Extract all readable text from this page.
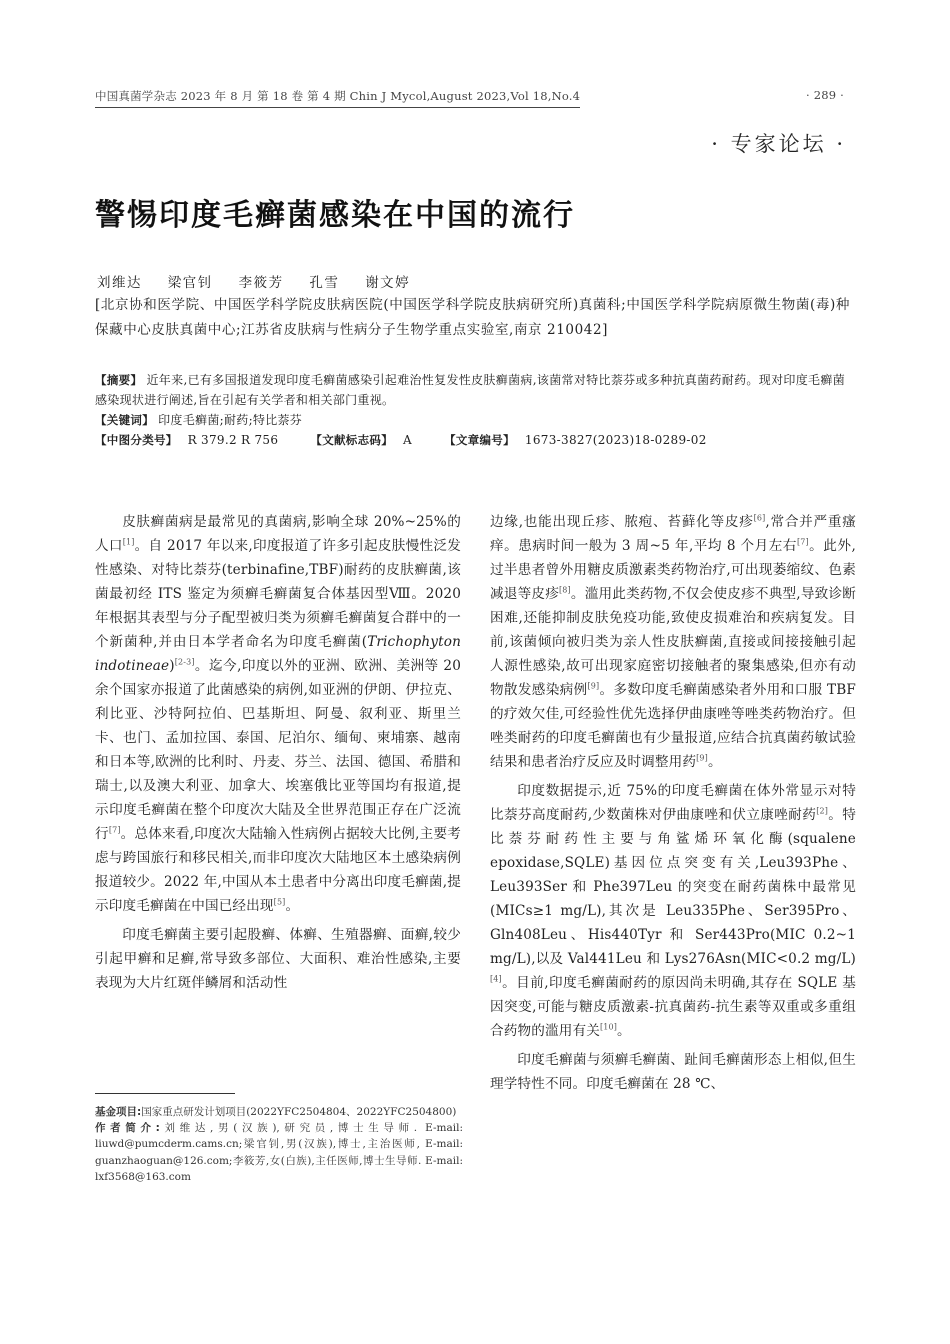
中国真菌学杂志 2023 年 8 月 第 18 卷 第 4 期 Chin J Mycol,August 2023,Vol 18,No.4	· 289 ·
· 专家论坛 ·
警惕印度毛癣菌感染在中国的流行
刘维达 梁官钊 李筱芳 孔雪 谢文婷
[北京协和医学院、中国医学科学院皮肤病医院(中国医学科学院皮肤病研究所)真菌科;中国医学科学院病原微生物菌(毒)种保藏中心皮肤真菌中心;江苏省皮肤病与性病分子生物学重点实验室,南京 210042]

【摘要】 近年来,已有多国报道发现印度毛癣菌感染引起难治性复发性皮肤癣菌病,该菌常对特比萘芬或多种抗真菌药耐药。现对印度毛癣菌感染现状进行阐述,旨在引起有关学者和相关部门重视。

【关键词】 印度毛癣菌;耐药;特比萘芬

【中图分类号】 R 379.2 R 756	【文献标志码】 A	【文章编号】 1673-3827(2023)18-0289-02

皮肤癣菌病是最常见的真菌病,影响全球 20%~25%的人口[1]。自 2017 年以来,印度报道了许多引起皮肤慢性泛发性感染、对特比萘芬(terbinafine,TBF)耐药的皮肤癣菌,该菌最初经 ITS 鉴定为须癣毛癣菌复合体基因型Ⅷ。2020 年根据其表型与分子配型被归类为须癣毛癣菌复合群中的一个新菌种,并由日本学者命名为印度毛癣菌(Trichophyton indotineae)[2-3]。迄今,印度以外的亚洲、欧洲、美洲等 20 余个国家亦报道了此菌感染的病例,如亚洲的伊朗、伊拉克、利比亚、沙特阿拉伯、巴基斯坦、阿曼、叙利亚、斯里兰卡、也门、孟加拉国、泰国、尼泊尔、缅甸、柬埔寨、越南和日本等,欧洲的比利时、丹麦、芬兰、法国、德国、希腊和瑞士,以及澳大利亚、加拿大、埃塞俄比亚等国均有报道,提示印度毛癣菌在整个印度次大陆及全世界范围正存在广泛流行[7]。总体来看,印度次大陆输入性病例占据较大比例,主要考虑与跨国旅行和移民相关,而非印度次大陆地区本土感染病例报道较少。2022 年,中国从本土患者中分离出印度毛癣菌,提示印度毛癣菌在中国已经出现[5]。

印度毛癣菌主要引起股癣、体癣、生殖器癣、面癣,较少引起甲癣和足癣,常导致多部位、大面积、难治性感染,主要表现为大片红斑伴鳞屑和活动性

边缘,也能出现丘疹、脓疱、苔藓化等皮疹[6],常合并严重瘙痒。患病时间一般为 3 周~5 年,平均 8 个月左右[7]。此外,过半患者曾外用糖皮质激素类药物治疗,可出现萎缩纹、色素减退等皮疹[8]。滥用此类药物,不仅会使皮疹不典型,导致诊断困难,还能抑制皮肤免疫功能,致使皮损难治和疾病复发。目前,该菌倾向被归类为亲人性皮肤癣菌,直接或间接接触引起人源性感染,故可出现家庭密切接触者的聚集感染,但亦有动物散发感染病例[9]。多数印度毛癣菌感染者外用和口服 TBF 的疗效欠佳,可经验性优先选择伊曲康唑等唑类药物治疗。但唑类耐药的印度毛癣菌也有少量报道,应结合抗真菌药敏试验结果和患者治疗反应及时调整用药[9]。

印度数据提示,近 75%的印度毛癣菌在体外常显示对特比萘芬高度耐药,少数菌株对伊曲康唑和伏立康唑耐药[2]。特比萘芬耐药性主要与角鲨烯环氧化酶(squalene epoxidase,SQLE)基因位点突变有关,Leu393Phe、Leu393Ser 和 Phe397Leu 的突变在耐药菌株中最常见(MICs≥1 mg/L),其次是 Leu335Phe、Ser395Pro、Gln408Leu、His440Tyr 和 Ser443Pro(MIC 0.2~1 mg/L),以及 Val441Leu 和 Lys276Asn(MIC<0.2 mg/L)[4]。目前,印度毛癣菌耐药的原因尚未明确,其存在 SQLE 基因突变,可能与糖皮质激素-抗真菌药-抗生素等双重或多重组合药物的滥用有关[10]。

印度毛癣菌与须癣毛癣菌、趾间毛癣菌形态上相似,但生理学特性不同。印度毛癣菌在 28 ℃、

基金项目:国家重点研发计划项目(2022YFC2504804、2022YFC2504800)

作者简介:刘维达,男(汉族),研究员,博士生导师. E-mail: liuwd@pumcderm.cams.cn;梁官钊,男(汉族),博士,主治医师, E-mail: guanzhaoguan@126.com;李筱芳,女(白族),主任医师,博士生导师. E-mail: lxf3568@163.com
